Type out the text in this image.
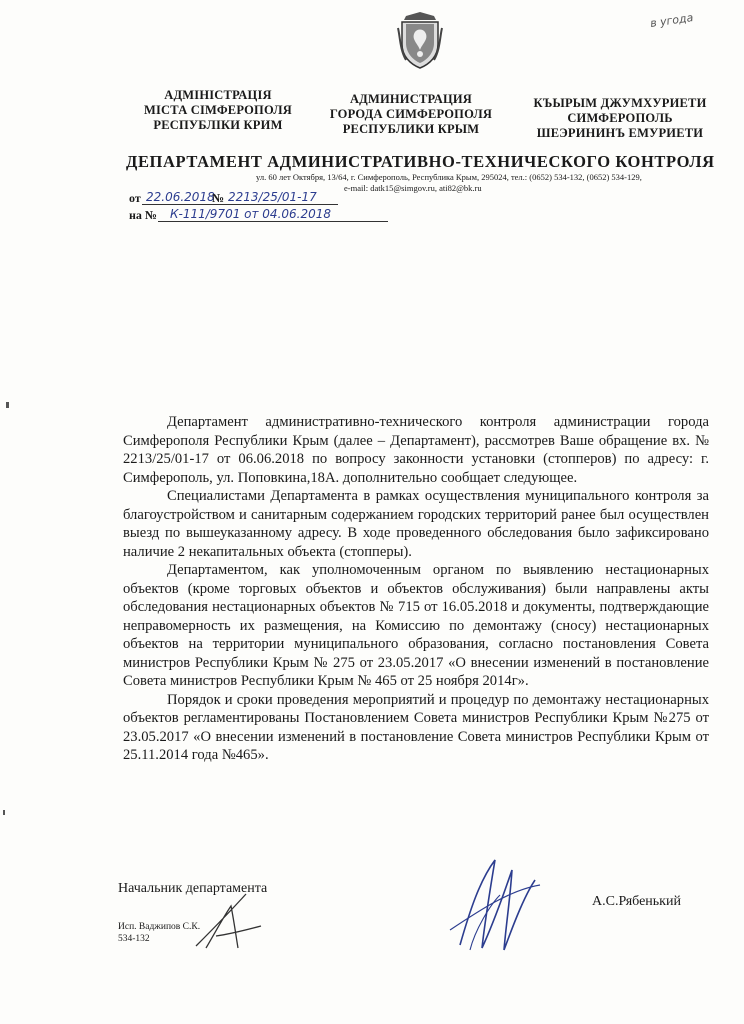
в угода
АДМІНІСТРАЦІЯ
МІСТА СІМФЕРОПОЛЯ
РЕСПУБЛІКИ КРИМ
АДМИНИСТРАЦИЯ
ГОРОДА СИМФЕРОПОЛЯ
РЕСПУБЛИКИ КРЫМ
КЪЫРЫМ ДЖУМХУРИЕТИ
СИМФЕРОПОЛЬ
ШЕЭРИНИНЪ ЕМУРИЕТИ
ДЕПАРТАМЕНТ АДМИНИСТРАТИВНО-ТЕХНИЧЕСКОГО КОНТРОЛЯ
ул. 60 лет Октября, 13/64, г. Симферополь, Республика Крым, 295024, тел.: (0652) 534-132, (0652) 534-129,
e-mail: datk15@simgov.ru, ati82@bk.ru
от 22.06.2018
№ 2213/25/01-17
на № К-111/9701 от 04.06.2018

Департамент административно-технического контроля администрации города Симферополя Республики Крым (далее – Департамент), рассмотрев Ваше обращение вх. № 2213/25/01-17 от 06.06.2018 по вопросу законности установки (стопперов) по адресу: г. Симферополь, ул. Поповкина,18А. дополнительно сообщает следующее.

Специалистами Департамента в рамках осуществления муниципального контроля за благоустройством и санитарным содержанием городских территорий ранее был осуществлен выезд по вышеуказанному адресу. В ходе проведенного обследования было зафиксировано наличие 2 некапитальных объекта (стопперы).

Департаментом, как уполномоченным органом по выявлению нестационарных объектов (кроме торговых объектов и объектов обслуживания) были направлены акты обследования нестационарных объектов № 715 от 16.05.2018 и документы, подтверждающие неправомерность их размещения, на Комиссию по демонтажу (сносу) нестационарных объектов на территории муниципального образования, согласно постановления Совета министров Республики Крым № 275 от 23.05.2017 «О внесении изменений в постановление Совета министров Республики Крым № 465 от 25 ноября 2014г».

Порядок и сроки проведения мероприятий и процедур по демонтажу нестационарных объектов регламентированы Постановлением Совета министров Республики Крым №275 от 23.05.2017 «О внесении изменений в постановление Совета министров Республики Крым от 25.11.2014 года №465».

Начальник департамента
А.С.Рябенький
Исп. Ваджипов С.К.
534-132
